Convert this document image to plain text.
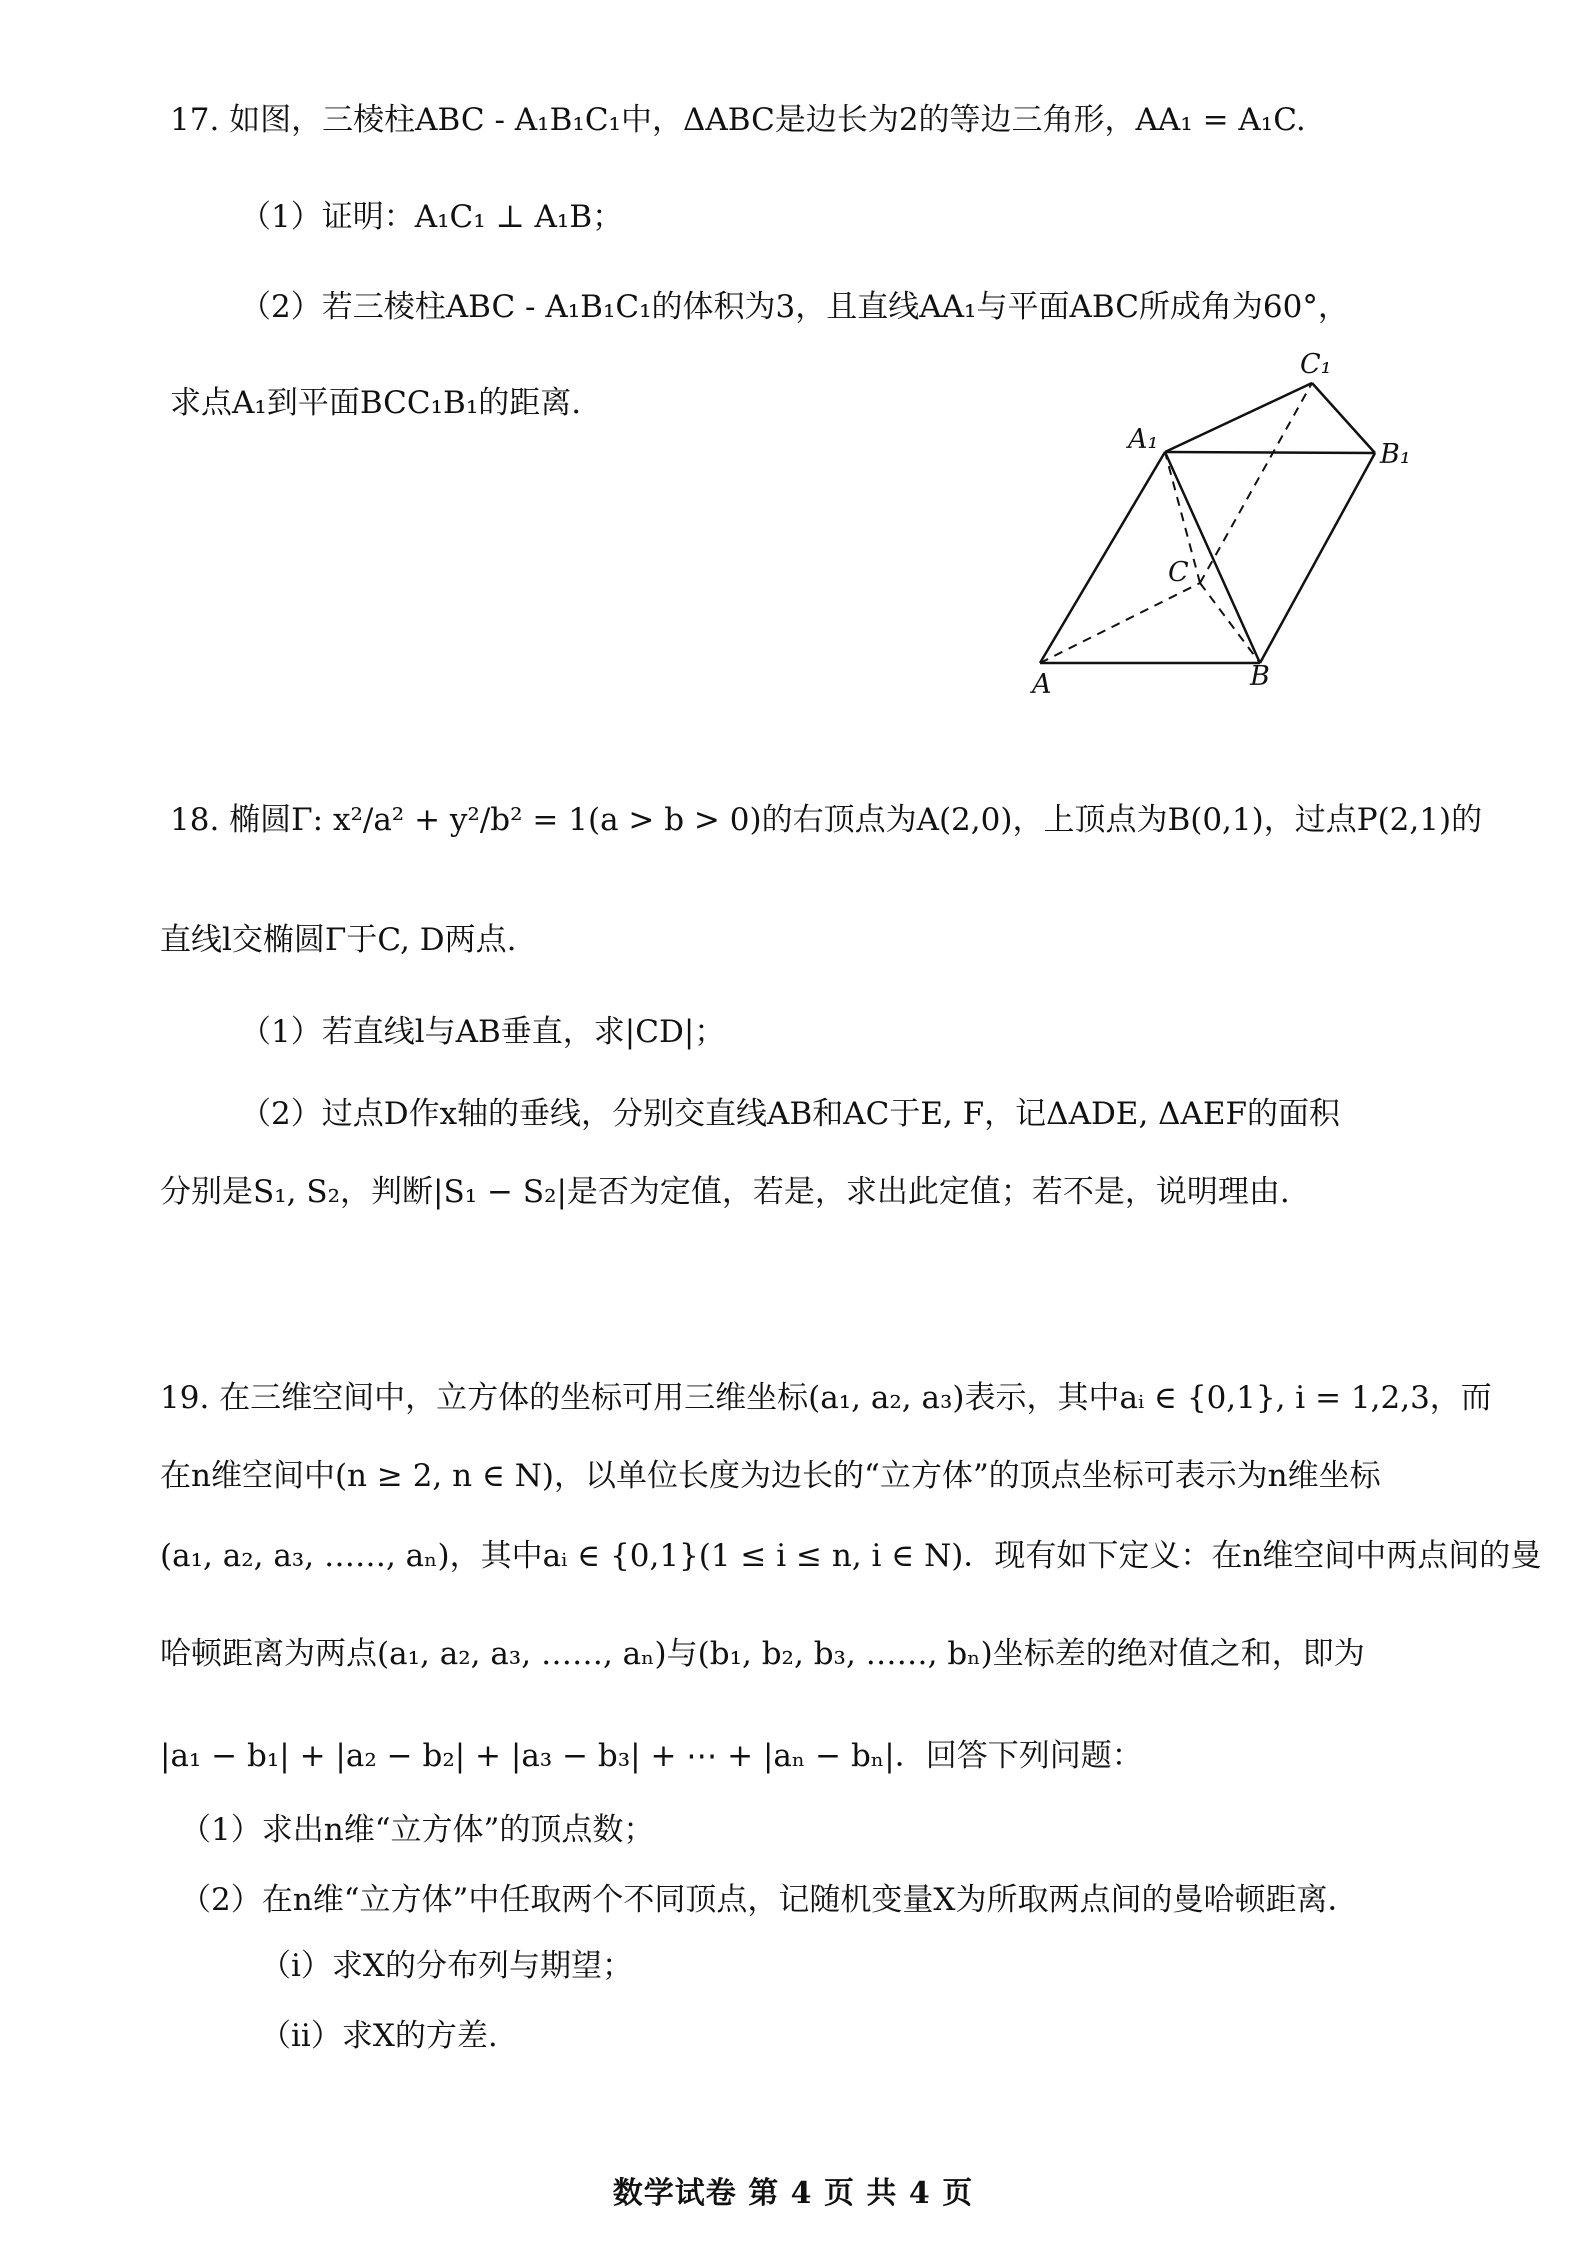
17. 如图，三棱柱ABC - A₁B₁C₁中，ΔABC是边长为2的等边三角形，AA₁ = A₁C.
（1）证明：A₁C₁ ⊥ A₁B；
（2）若三棱柱ABC - A₁B₁C₁的体积为3，且直线AA₁与平面ABC所成角为60°，
求点A₁到平面BCC₁B₁的距离.
C₁
A₁	B₁
C
A	B
18. 椭圆Γ: x²/a² + y²/b² = 1(a > b > 0)的右顶点为A(2,0)，上顶点为B(0,1)，过点P(2,1)的
直线l交椭圆Γ于C, D两点.
（1）若直线l与AB垂直，求|CD|；
（2）过点D作x轴的垂线，分别交直线AB和AC于E, F，记ΔADE, ΔAEF的面积
分别是S₁, S₂，判断|S₁ − S₂|是否为定值，若是，求出此定值；若不是，说明理由.
19. 在三维空间中，立方体的坐标可用三维坐标(a₁, a₂, a₃)表示，其中aᵢ ∈ {0,1}, i = 1,2,3，而
在n维空间中(n ≥ 2, n ∈ N)，以单位长度为边长的“立方体”的顶点坐标可表示为n维坐标
(a₁, a₂, a₃, ……, aₙ)，其中aᵢ ∈ {0,1}(1 ≤ i ≤ n, i ∈ N)．现有如下定义：在n维空间中两点间的曼
哈顿距离为两点(a₁, a₂, a₃, ……, aₙ)与(b₁, b₂, b₃, ……, bₙ)坐标差的绝对值之和，即为
|a₁ − b₁| + |a₂ − b₂| + |a₃ − b₃| + ⋯ + |aₙ − bₙ|．回答下列问题：
（1）求出n维“立方体”的顶点数；
（2）在n维“立方体”中任取两个不同顶点，记随机变量X为所取两点间的曼哈顿距离．
（i）求X的分布列与期望；
（ii）求X的方差.
数学试卷 第 4 页 共 4 页
